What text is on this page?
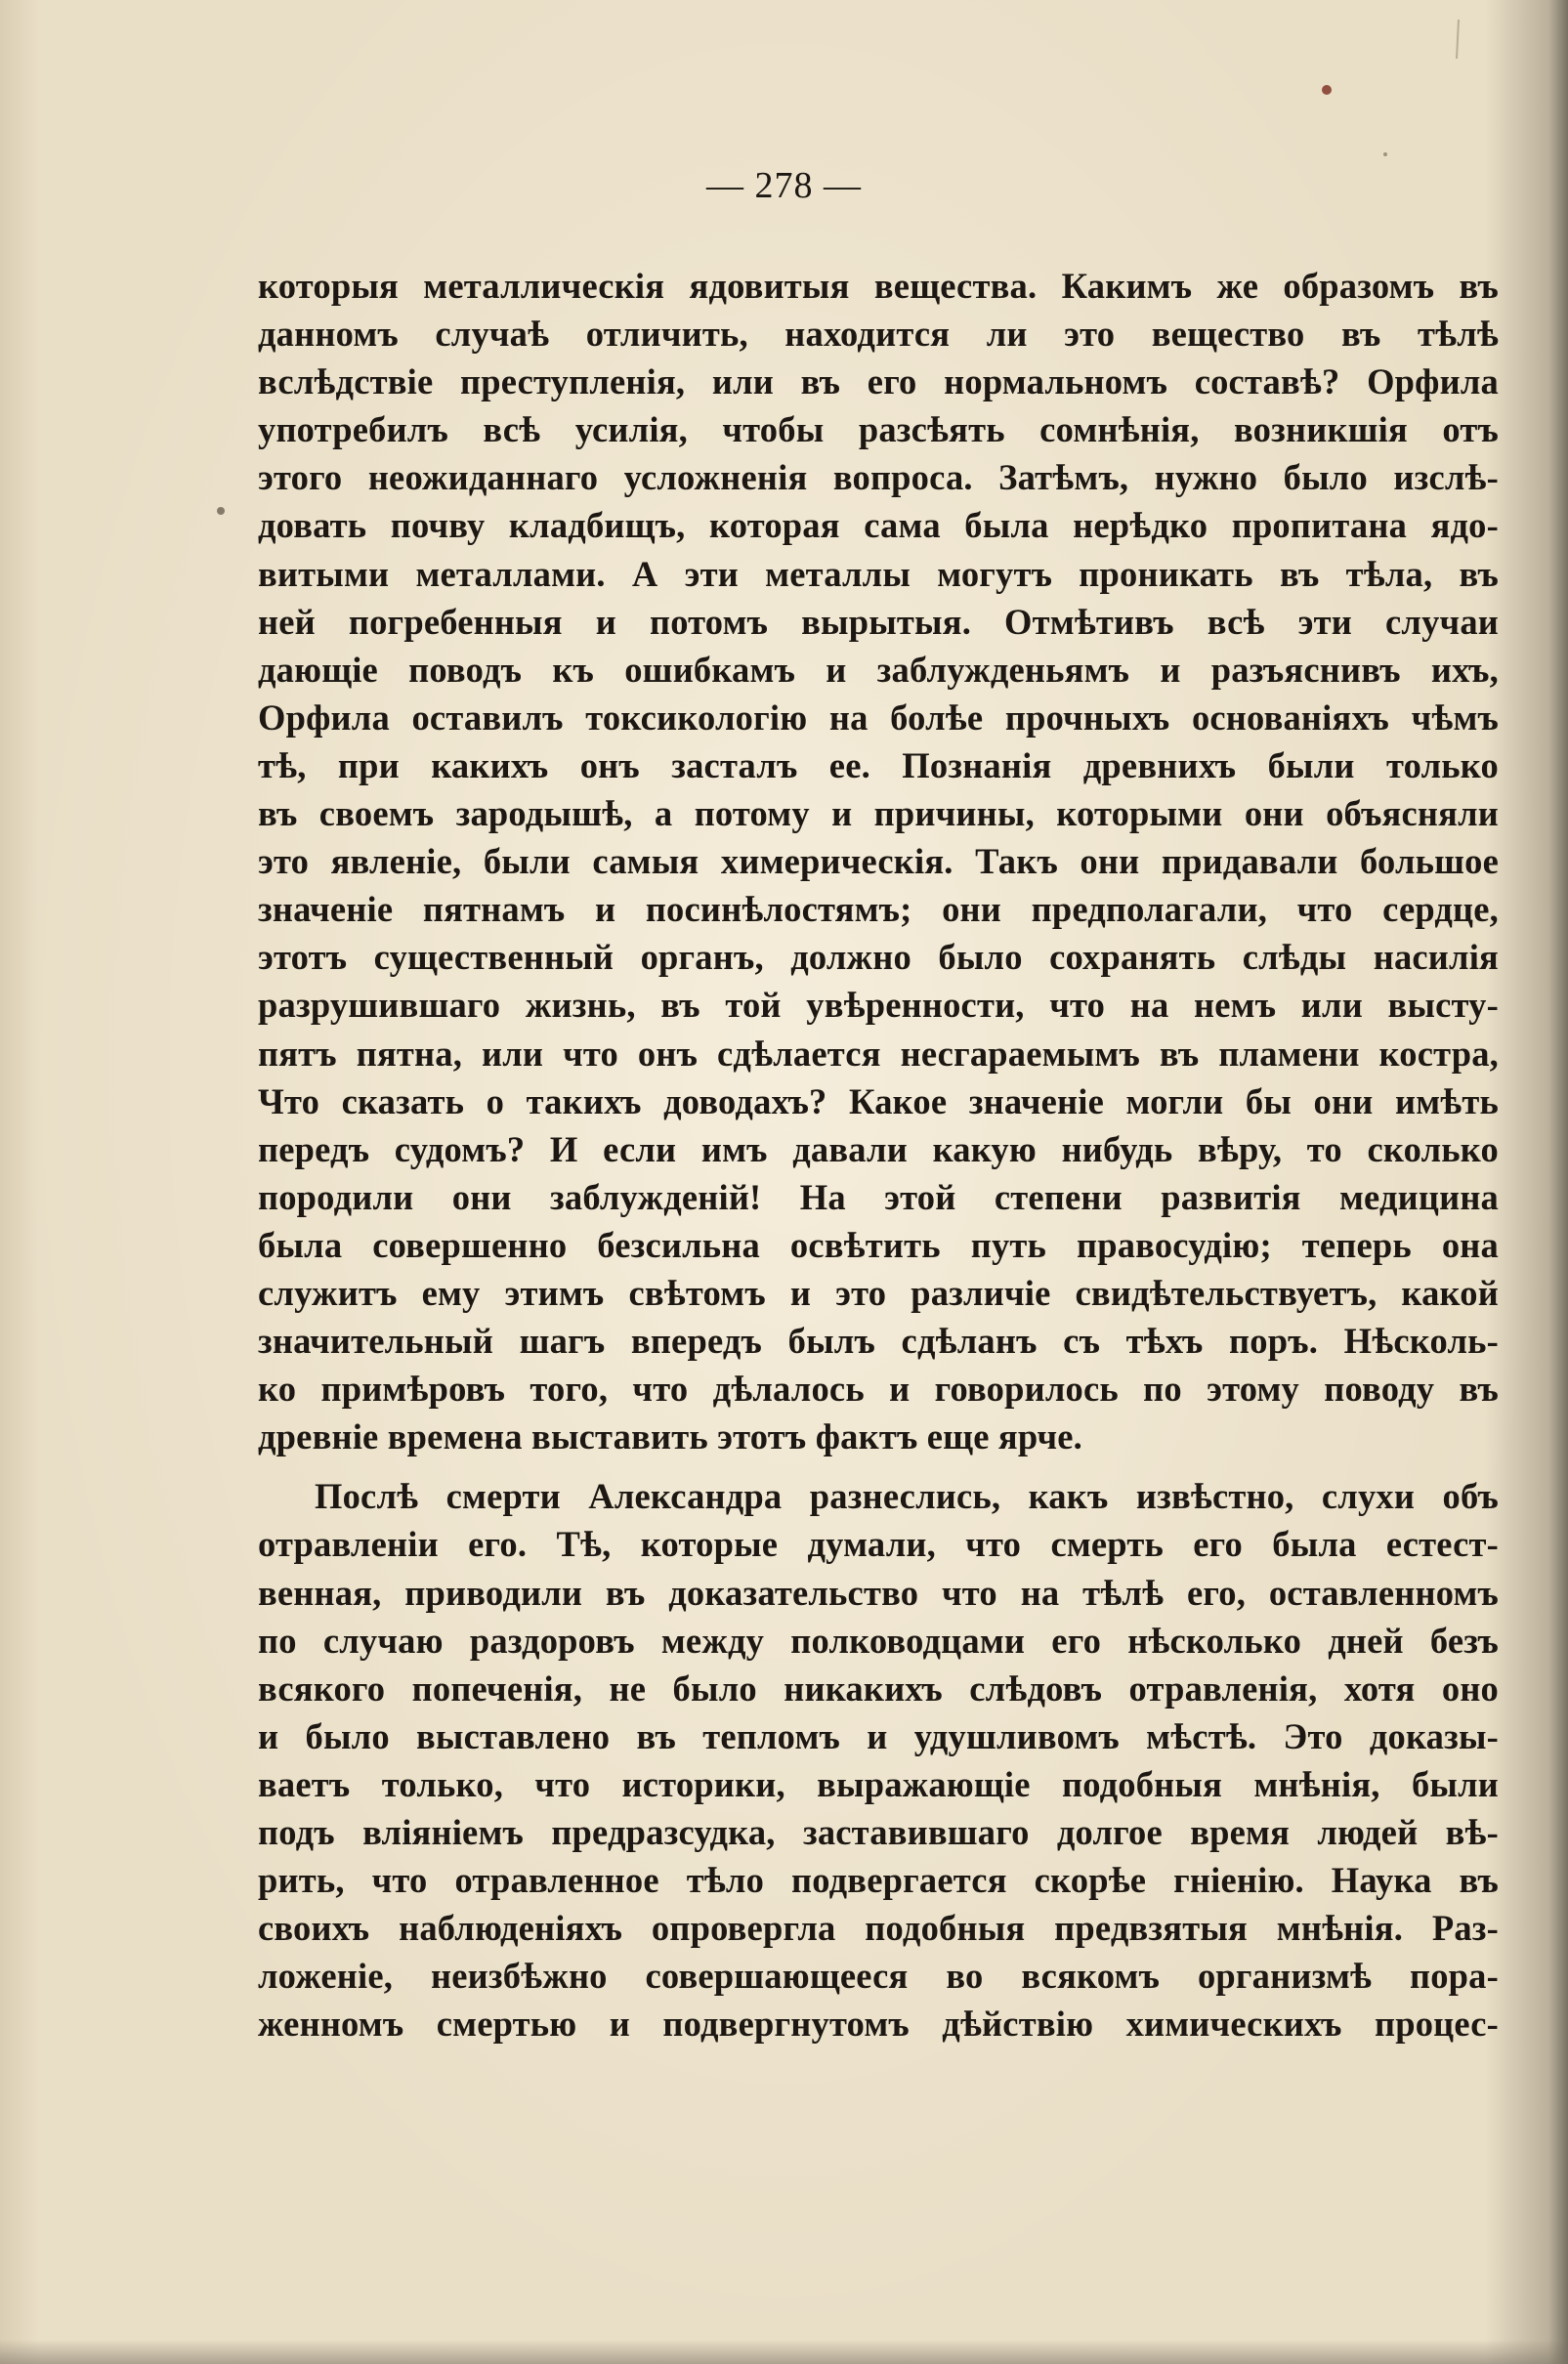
— 278 —
которыя металлическія ядовитыя вещества. Какимъ же образомъ въ
данномъ случаѣ отличить, находится ли это вещество въ тѣлѣ
вслѣдствіе преступленія, или въ его нормальномъ составѣ? Орфила
употребилъ всѣ усилія, чтобы разсѣять сомнѣнія, возникшія отъ
этого неожиданнаго усложненія вопроса. Затѣмъ, нужно было изслѣ-
довать почву кладбищъ, которая сама была нерѣдко пропитана ядо-
витыми металлами. А эти металлы могутъ проникать въ тѣла, въ
ней погребенныя и потомъ вырытыя. Отмѣтивъ всѣ эти случаи
дающіе поводъ къ ошибкамъ и заблужденьямъ и разъяснивъ ихъ,
Орфила оставилъ токсикологію на болѣе прочныхъ основаніяхъ чѣмъ
тѣ, при какихъ онъ засталъ ее. Познанія древнихъ были только
въ своемъ зародышѣ, а потому и причины, которыми они объясняли
это явленіе, были самыя химерическія. Такъ они придавали большое
значеніе пятнамъ и посинѣлостямъ; они предполагали, что сердце,
этотъ существенный органъ, должно было сохранять слѣды насилія
разрушившаго жизнь, въ той увѣренности, что на немъ или высту-
пятъ пятна, или что онъ сдѣлается несгараемымъ въ пламени костра,
Что сказать о такихъ доводахъ? Какое значеніе могли бы они имѣть
передъ судомъ? И если имъ давали какую нибудь вѣру, то сколько
породили они заблужденій! На этой степени развитія медицина
была совершенно безсильна освѣтить путь правосудію; теперь она
служитъ ему этимъ свѣтомъ и это различіе свидѣтельствуетъ, какой
значительный шагъ впередъ былъ сдѣланъ съ тѣхъ поръ. Нѣсколь-
ко примѣровъ того, что дѣлалось и говорилось по этому поводу въ
древніе времена выставить этотъ фактъ еще ярче.
Послѣ смерти Александра разнеслись, какъ извѣстно, слухи объ
отравленіи его. Тѣ, которые думали, что смерть его была естест-
венная, приводили въ доказательство что на тѣлѣ его, оставленномъ
по случаю раздоровъ между полководцами его нѣсколько дней безъ
всякого попеченія, не было никакихъ слѣдовъ отравленія, хотя оно
и было выставлено въ тепломъ и удушливомъ мѣстѣ. Это доказы-
ваетъ только, что историки, выражающіе подобныя мнѣнія, были
подъ вліяніемъ предразсудка, заставившаго долгое время людей вѣ-
рить, что отравленное тѣло подвергается скорѣе гніенію. Наука въ
своихъ наблюденіяхъ опровергла подобныя предвзятыя мнѣнія. Раз-
ложеніе, неизбѣжно совершающееся во всякомъ организмѣ пора-
женномъ смертью и подвергнутомъ дѣйствію химическихъ процес-
